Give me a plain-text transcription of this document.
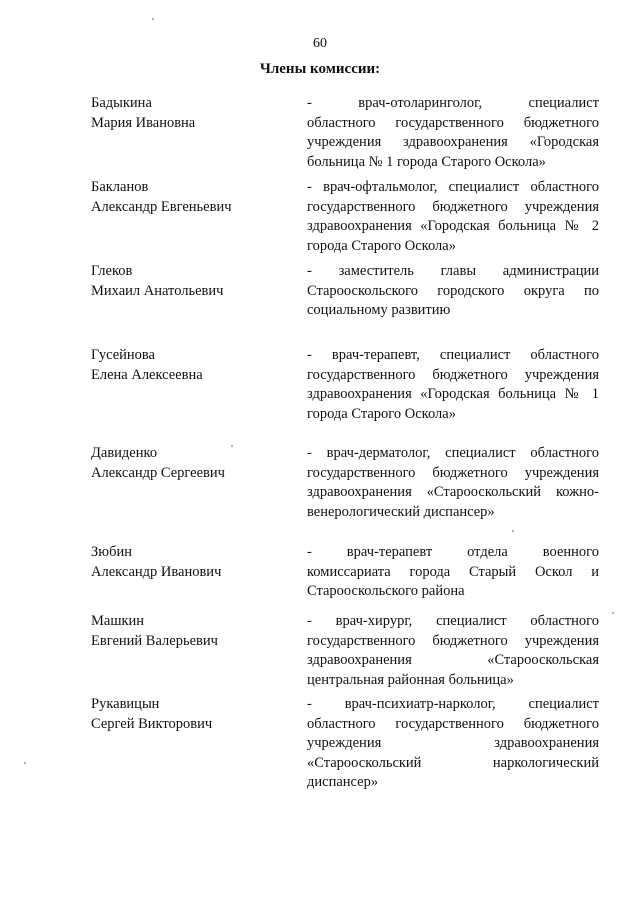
60
Члены комиссии:
Бадыкина
Мария Ивановна
- врач-отоларинголог, специалист
областного государственного бюджетного
учреждения здравоохранения «Городская
больница № 1 города Старого Оскола»
Бакланов
Александр Евгеньевич
- врач-офтальмолог, специалист областного
государственного бюджетного учреждения
здравоохранения «Городская больница № 2
города Старого Оскола»
Глеков
Михаил Анатольевич
- заместитель главы администрации
Старооскольского городского округа по
социальному развитию
Гусейнова
Елена Алексеевна
- врач-терапевт, специалист областного
государственного бюджетного учреждения
здравоохранения «Городская больница № 1
города Старого Оскола»
Давиденко
Александр Сергеевич
- врач-дерматолог, специалист областного
государственного бюджетного учреждения
здравоохранения «Старооскольский кожно-
венерологический диспансер»
Зюбин
Александр Иванович
- врач-терапевт отдела военного
комиссариата города Старый Оскол и
Старооскольского района
Машкин
Евгений Валерьевич
- врач-хирург, специалист областного
государственного бюджетного учреждения
здравоохранения «Старооскольская
центральная районная больница»
Рукавицын
Сергей Викторович
- врач-психиатр-нарколог, специалист
областного государственного бюджетного
учреждения здравоохранения
«Старооскольский наркологический
диспансер»
